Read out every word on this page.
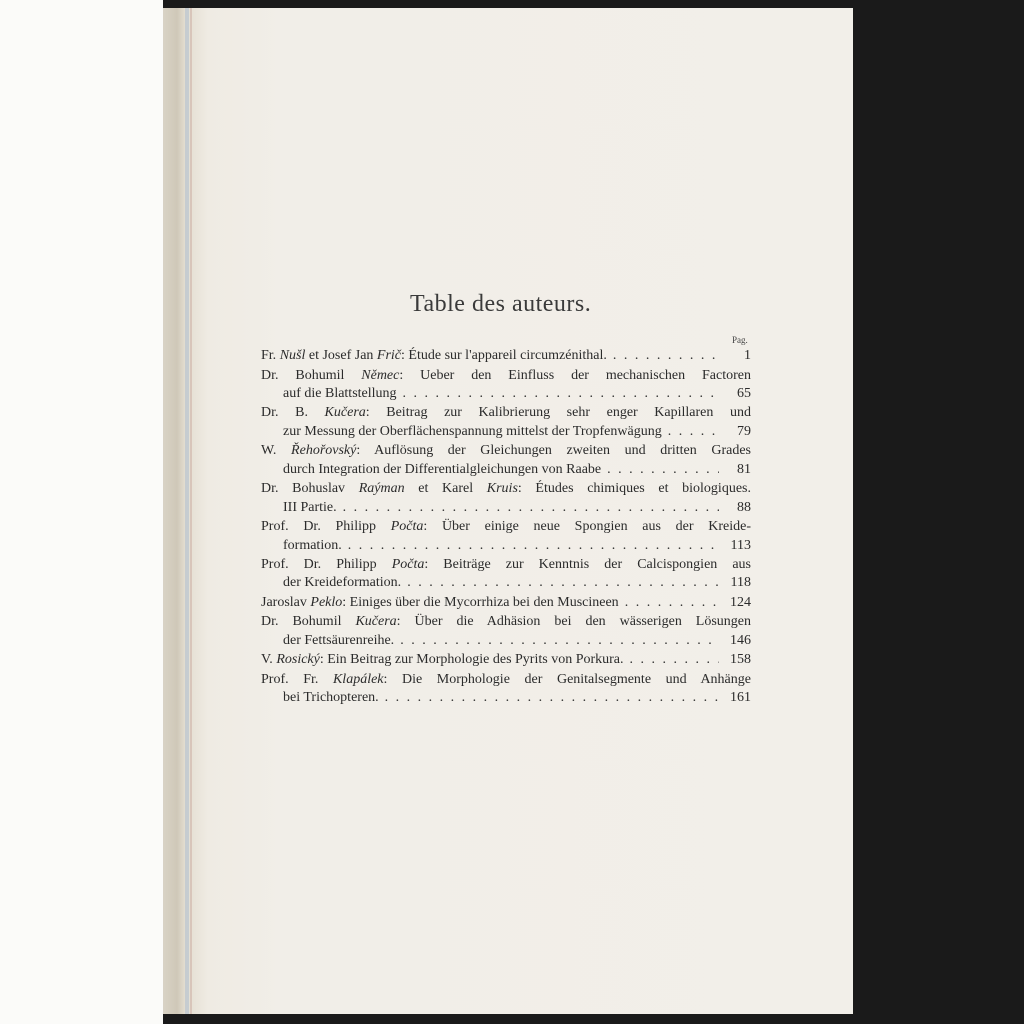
Table des auteurs.
Pag.
Fr. Nušl et Josef Jan Frič: Étude sur l'appareil circumzénithal. . . .	1
Dr. Bohumil Němec: Ueber den Einfluss der mechanischen Factoren
auf die Blattstellung . . .	65
Dr. B. Kučera: Beitrag zur Kalibrierung sehr enger Kapillaren und
zur Messung der Oberflächenspannung mittelst der Tropfenwägung . . .	79
W. Řehořovský: Auflösung der Gleichungen zweiten und dritten Grades
durch Integration der Differentialgleichungen von Raabe . . .	81
Dr. Bohuslav Raýman et Karel Kruis: Études chimiques et biologiques.
III Partie. . . .	88
Prof. Dr. Philipp Počta: Über einige neue Spongien aus der Kreide-
formation. . . .	113
Prof. Dr. Philipp Počta: Beiträge zur Kenntnis der Calcispongien aus
der Kreideformation. . . .	118
Jaroslav Peklo: Einiges über die Mycorrhiza bei den Muscineen . . .	124
Dr. Bohumil Kučera: Über die Adhäsion bei den wässerigen Lösungen
der Fettsäurenreihe. . . .	146
V. Rosický: Ein Beitrag zur Morphologie des Pyrits von Porkura. . . .	158
Prof. Fr. Klapálek: Die Morphologie der Genitalsegmente und Anhänge
bei Trichopteren. . . .	161
